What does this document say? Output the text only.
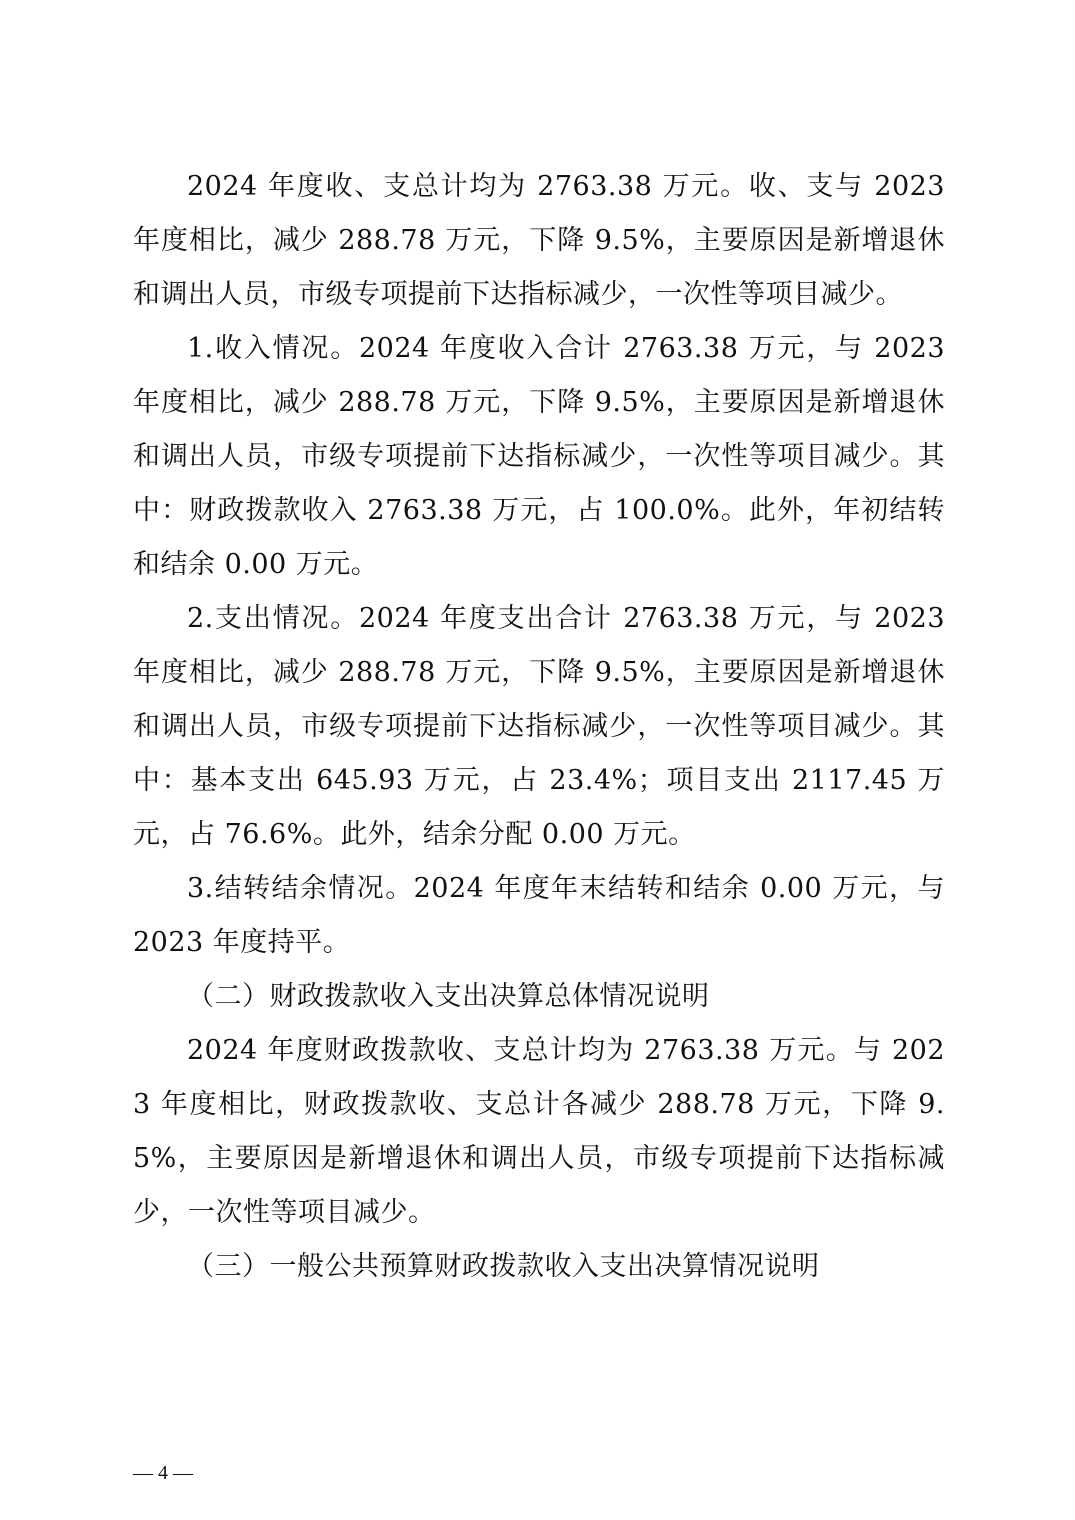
2024 年度收、支总计均为 2763.38 万元。收、支与 2023 年度相比，减少 288.78 万元，下降 9.5%，主要原因是新增退休和调出人员，市级专项提前下达指标减少，一次性等项目减少。

1.收入情况。2024 年度收入合计 2763.38 万元，与 2023 年度相比，减少 288.78 万元，下降 9.5%，主要原因是新增退休和调出人员，市级专项提前下达指标减少，一次性等项目减少。其中：财政拨款收入 2763.38 万元，占 100.0%。此外，年初结转和结余 0.00 万元。

2.支出情况。2024 年度支出合计 2763.38 万元，与 2023 年度相比，减少 288.78 万元，下降 9.5%，主要原因是新增退休和调出人员，市级专项提前下达指标减少，一次性等项目减少。其中：基本支出 645.93 万元，占 23.4%；项目支出 2117.45 万元，占 76.6%。此外，结余分配 0.00 万元。

3.结转结余情况。2024 年度年末结转和结余 0.00 万元，与 2023 年度持平。

（二）财政拨款收入支出决算总体情况说明

2024 年度财政拨款收、支总计均为 2763.38 万元。与 2023 年度相比，财政拨款收、支总计各减少 288.78 万元，下降 9.5%，主要原因是新增退休和调出人员，市级专项提前下达指标减少，一次性等项目减少。

（三）一般公共预算财政拨款收入支出决算情况说明

— 4 —
